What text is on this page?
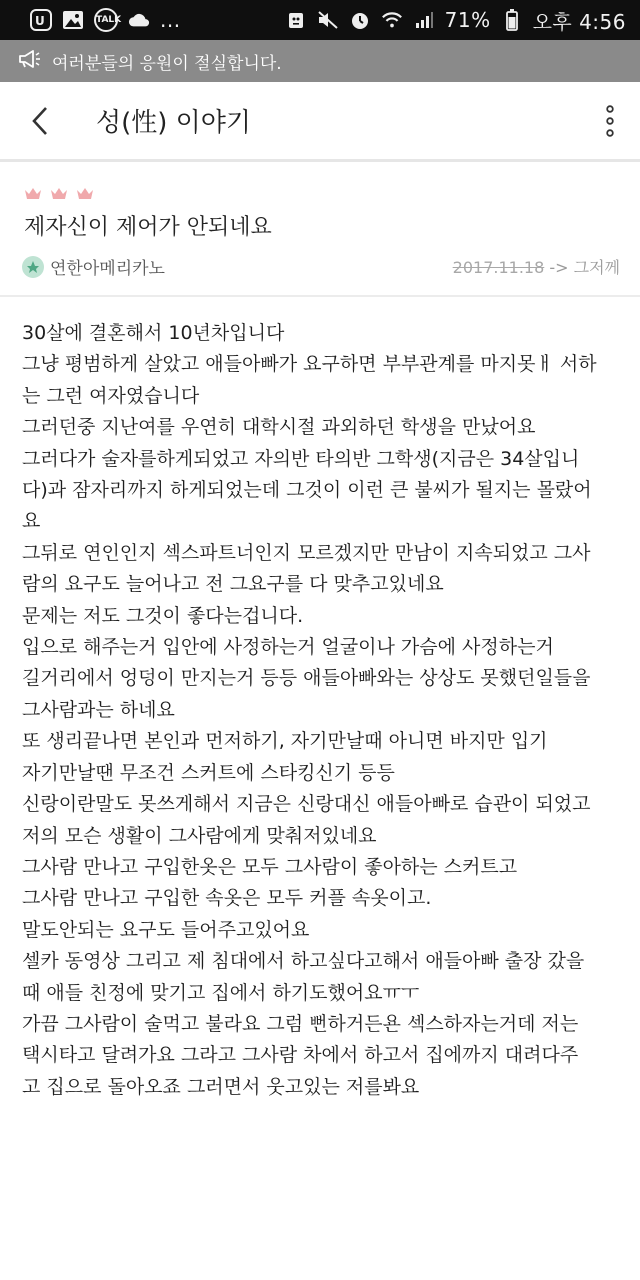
U	TALK ...	71% 오후 4:56
여러분들의 응원이 절실합니다.
성(性) 이야기
제자신이 제어가 안되네요
연한아메리카노	2017.11.18 -> 그저께

30살에 결혼해서 10년차입니다

그냥 평범하게 살았고 애들아빠가 요구하면 부부관계를 마지못ㅐ 서하

는 그런 여자였습니다

그러던중 지난여를 우연히 대학시절 과외하던 학생을 만났어요

그러다가 술자를하게되었고 자의반 타의반 그학생(지금은 34살입니

다)과 잠자리까지 하게되었는데 그것이 이런 큰 불씨가 될지는 몰랐어

요

그뒤로 연인인지 섹스파트너인지 모르겠지만 만남이 지속되었고 그사

람의 요구도 늘어나고 전 그요구를 다 맞추고있네요

문제는 저도 그것이 좋다는겁니다.

입으로 해주는거 입안에 사정하는거 얼굴이나 가슴에 사정하는거

길거리에서 엉덩이 만지는거 등등 애들아빠와는 상상도 못했던일들을

그사람과는 하네요

또 생리끝나면 본인과 먼저하기, 자기만날때 아니면 바지만 입기

자기만날땐 무조건 스커트에 스타킹신기 등등

신랑이란말도 못쓰게해서 지금은 신랑대신 애들아빠로 습관이 되었고

저의 모슨 생활이 그사람에게 맞춰저있네요

그사람 만나고 구입한옷은 모두 그사람이 좋아하는 스커트고

그사람 만나고 구입한 속옷은 모두 커플 속옷이고.

말도안되는 요구도 들어주고있어요

셀카 동영상 그리고 제 침대에서 하고싶다고해서 애들아빠 출장 갔을

때 애들 친정에 맞기고 집에서 하기도했어요ㅠㅜ

가끔 그사람이 술먹고 불라요 그럼 뻔하거든욘 섹스하자는거데 저는

택시타고 달려가요 그라고 그사람 차에서 하고서 집에까지 대려다주

고 집으로 돌아오죠 그러면서 웃고있는 저를봐요
